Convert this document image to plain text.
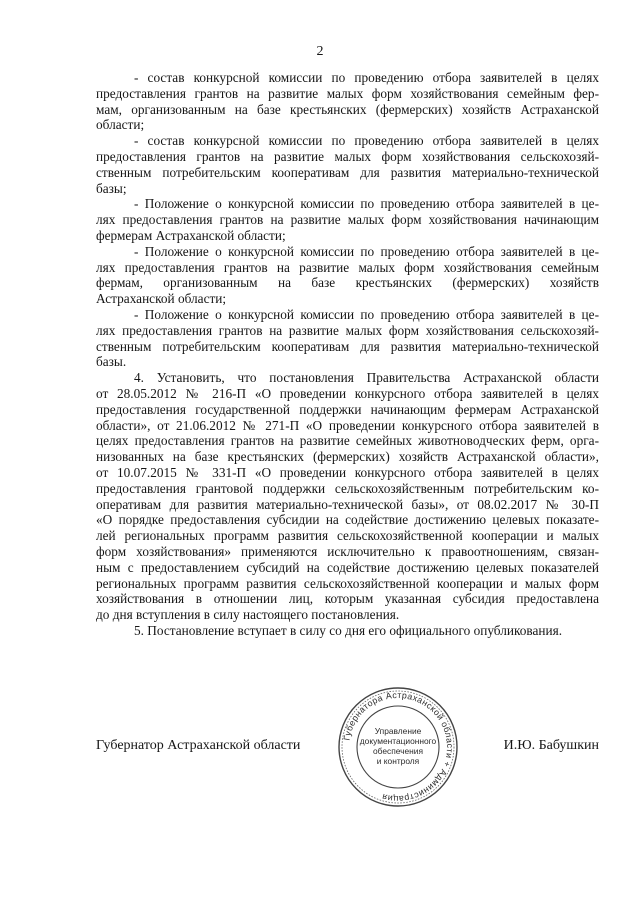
2
- состав конкурсной комиссии по проведению отбора заявителей в целях
предоставления грантов на развитие малых форм хозяйствования семейным фер-
мам, организованным на базе крестьянских (фермерских) хозяйств Астраханской
области;
- состав конкурсной комиссии по проведению отбора заявителей в целях
предоставления грантов на развитие малых форм хозяйствования сельскохозяй-
ственным потребительским кооперативам для развития материально-технической
базы;
- Положение о конкурсной комиссии по проведению отбора заявителей в це-
лях предоставления грантов на развитие малых форм хозяйствования начинающим
фермерам Астраханской области;
- Положение о конкурсной комиссии по проведению отбора заявителей в це-
лях предоставления грантов на развитие малых форм хозяйствования семейным
фермам, организованным на базе крестьянских (фермерских) хозяйств
Астраханской области;
- Положение о конкурсной комиссии по проведению отбора заявителей в це-
лях предоставления грантов на развитие малых форм хозяйствования сельскохозяй-
ственным потребительским кооперативам для развития материально-технической
базы.
4. Установить, что постановления Правительства Астраханской области
от 28.05.2012 № 216-П «О проведении конкурсного отбора заявителей в целях
предоставления государственной поддержки начинающим фермерам Астраханской
области», от 21.06.2012 № 271-П «О проведении конкурсного отбора заявителей в
целях предоставления грантов на развитие семейных животноводческих ферм, орга-
низованных на базе крестьянских (фермерских) хозяйств Астраханской области»,
от 10.07.2015 № 331-П «О проведении конкурсного отбора заявителей в целях
предоставления грантовой поддержки сельскохозяйственным потребительским ко-
оперативам для развития материально-технической базы», от 08.02.2017 № 30-П
«О порядке предоставления субсидии на содействие достижению целевых показате-
лей региональных программ развития сельскохозяйственной кооперации и малых
форм хозяйствования» применяются исключительно к правоотношениям, связан-
ным с предоставлением субсидий на содействие достижению целевых показателей
региональных программ развития сельскохозяйственной кооперации и малых форм
хозяйствования в отношении лиц, которым указанная субсидия предоставлена
до дня вступления в силу настоящего постановления.
5. Постановление вступает в силу со дня его официального опубликования.
Губернатор Астраханской области	И.Ю. Бабушкин
Губернатора Астраханской области + Администрация
Управление
документационного
обеспечения
и контроля
